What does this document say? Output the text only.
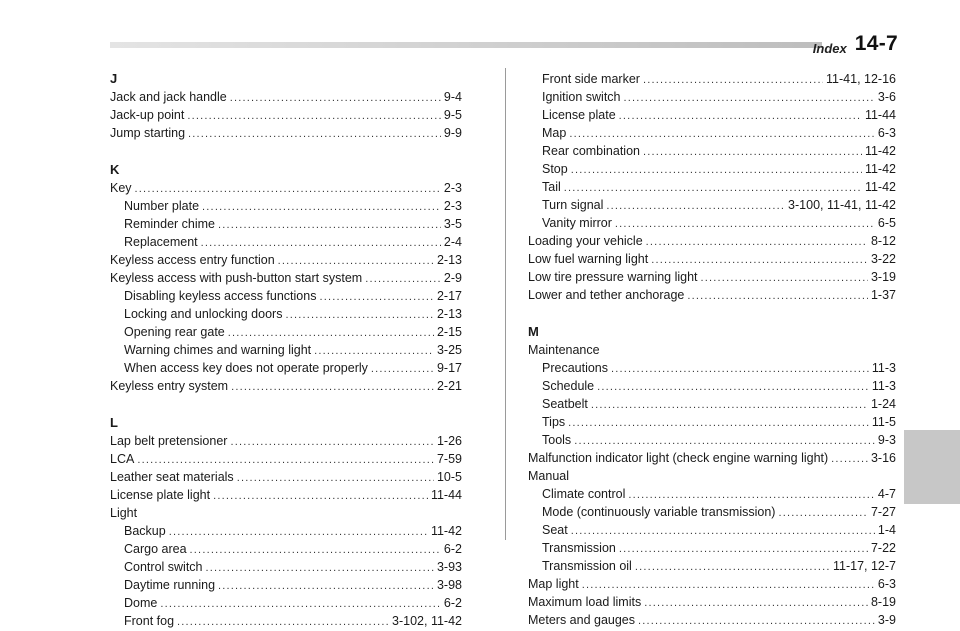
Index 14-7
J
Jack and jack handle .....	9-4
Jack-up point .....	9-5
Jump starting .....	9-9
K
Key .....	2-3
Number plate .....	2-3
Reminder chime .....	3-5
Replacement .....	2-4
Keyless access entry function .....	2-13
Keyless access with push-button start system .....	2-9
Disabling keyless access functions .....	2-17
Locking and unlocking doors .....	2-13
Opening rear gate .....	2-15
Warning chimes and warning light .....	3-25
When access key does not operate properly .....	9-17
Keyless entry system .....	2-21
L
Lap belt pretensioner .....	1-26
LCA .....	7-59
Leather seat materials .....	10-5
License plate light .....	11-44
Light
Backup .....	11-42
Cargo area .....	6-2
Control switch .....	3-93
Daytime running .....	3-98
Dome .....	6-2
Front fog .....	3-102, 11-42
Front side marker .....	11-41, 12-16
Ignition switch .....	3-6
License plate .....	11-44
Map .....	6-3
Rear combination .....	11-42
Stop .....	11-42
Tail .....	11-42
Turn signal .....	3-100, 11-41, 11-42
Vanity mirror .....	6-5
Loading your vehicle .....	8-12
Low fuel warning light .....	3-22
Low tire pressure warning light .....	3-19
Lower and tether anchorage .....	1-37
M
Maintenance
Precautions .....	11-3
Schedule .....	11-3
Seatbelt .....	1-24
Tips .....	11-5
Tools .....	9-3
Malfunction indicator light (check engine warning light) .....	3-16
Manual
Climate control .....	4-7
Mode (continuously variable transmission) .....	7-27
Seat .....	1-4
Transmission .....	7-22
Transmission oil .....	11-17, 12-7
Map light .....	6-3
Maximum load limits .....	8-19
Meters and gauges .....	3-9
